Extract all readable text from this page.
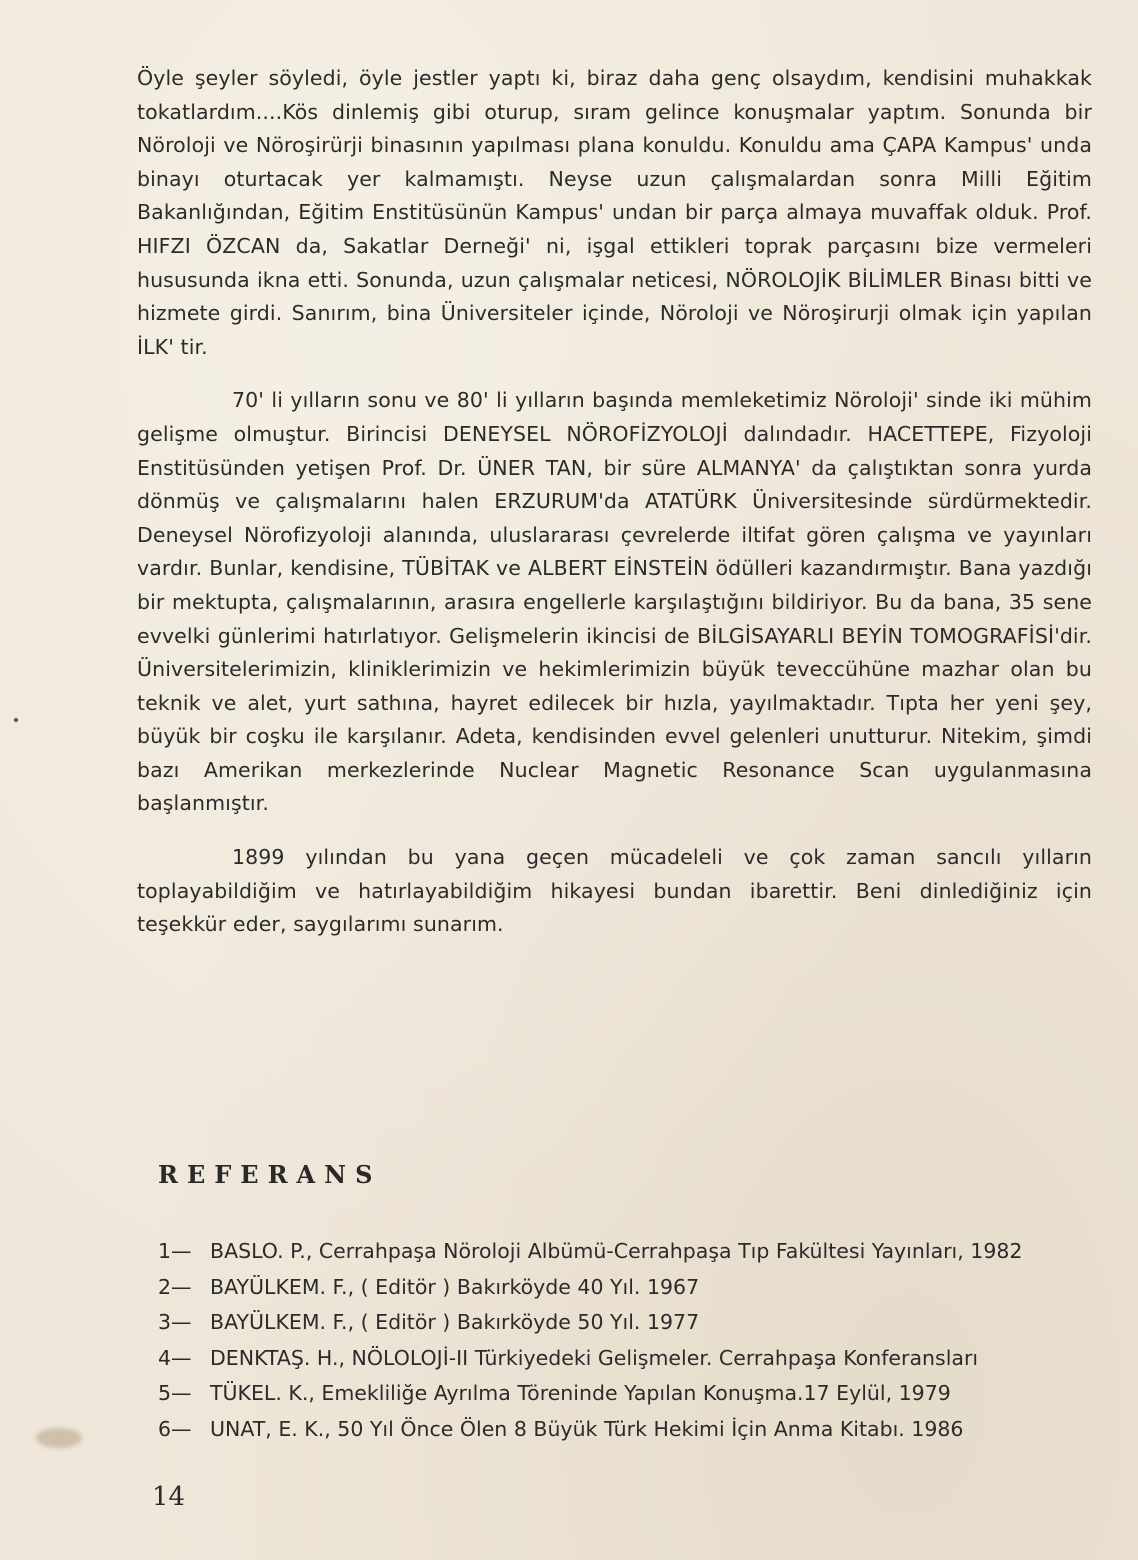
Öyle şeyler söyledi, öyle jestler yaptı ki, biraz daha genç olsaydım, kendisini muhakkak tokatlardım....Kös dinlemiş gibi oturup, sıram gelince konuşmalar yaptım. Sonunda bir Nöroloji ve Nöroşirürji binasının yapılması plana konuldu. Konuldu ama ÇAPA Kampus' unda binayı oturtacak yer kalmamıştı. Neyse uzun çalışmalardan sonra Milli Eğitim Bakanlığından, Eğitim Enstitüsünün Kampus' undan bir parça almaya muvaffak olduk. Prof. HIFZI ÖZCAN da, Sakatlar Derneği' ni, işgal ettikleri toprak parçasını bize vermeleri hususunda ikna etti. Sonunda, uzun çalışmalar neticesi, NÖROLOJİK BİLİMLER Binası bitti ve hizmete girdi. Sanırım, bina Üniversiteler içinde, Nöroloji ve Nöroşirurji olmak için yapılan İLK' tir.

70' li yılların sonu ve 80' li yılların başında memleketimiz Nöroloji' sinde iki mühim gelişme olmuştur. Birincisi DENEYSEL NÖROFİZYOLOJİ dalındadır. HACETTEPE, Fizyoloji Enstitüsünden yetişen Prof. Dr. ÜNER TAN, bir süre ALMANYA' da çalıştıktan sonra yurda dönmüş ve çalışmalarını halen ERZURUM'da ATATÜRK Üniversitesinde sürdürmektedir. Deneysel Nörofizyoloji alanında, uluslararası çevrelerde iltifat gören çalışma ve yayınları vardır. Bunlar, kendisine, TÜBİTAK ve ALBERT EİNSTEİN ödülleri kazandırmıştır. Bana yazdığı bir mektupta, çalışmalarının, arasıra engellerle karşılaştığını bildiriyor. Bu da bana, 35 sene evvelki günlerimi hatırlatıyor. Gelişmelerin ikincisi de BİLGİSAYARLI BEYİN TOMOGRAFİSİ'dir. Üniversitelerimizin, kliniklerimizin ve hekimlerimizin büyük teveccühüne mazhar olan bu teknik ve alet, yurt sathına, hayret edilecek bir hızla, yayılmaktadır. Tıpta her yeni şey, büyük bir coşku ile karşılanır. Adeta, kendisinden evvel gelenleri unutturur. Nitekim, şimdi bazı Amerikan merkezlerinde Nuclear Magnetic Resonance Scan uygulanmasına başlanmıştır.

1899 yılından bu yana geçen mücadeleli ve çok zaman sancılı yılların toplayabildiğim ve hatırlayabildiğim hikayesi bundan ibarettir. Beni dinlediğiniz için teşekkür eder, saygılarımı sunarım.

REFERANS
1— BASLO. P., Cerrahpaşa Nöroloji Albümü-Cerrahpaşa Tıp Fakültesi Yayınları, 1982
2— BAYÜLKEM. F., ( Editör ) Bakırköyde 40 Yıl. 1967
3— BAYÜLKEM. F., ( Editör ) Bakırköyde 50 Yıl. 1977
4— DENKTAŞ. H., NÖLOLOJİ-II Türkiyedeki Gelişmeler. Cerrahpaşa Konferansları
5— TÜKEL. K., Emekliliğe Ayrılma Töreninde Yapılan Konuşma.17 Eylül, 1979
6— UNAT, E. K., 50 Yıl Önce Ölen 8 Büyük Türk Hekimi İçin Anma Kitabı. 1986
14
